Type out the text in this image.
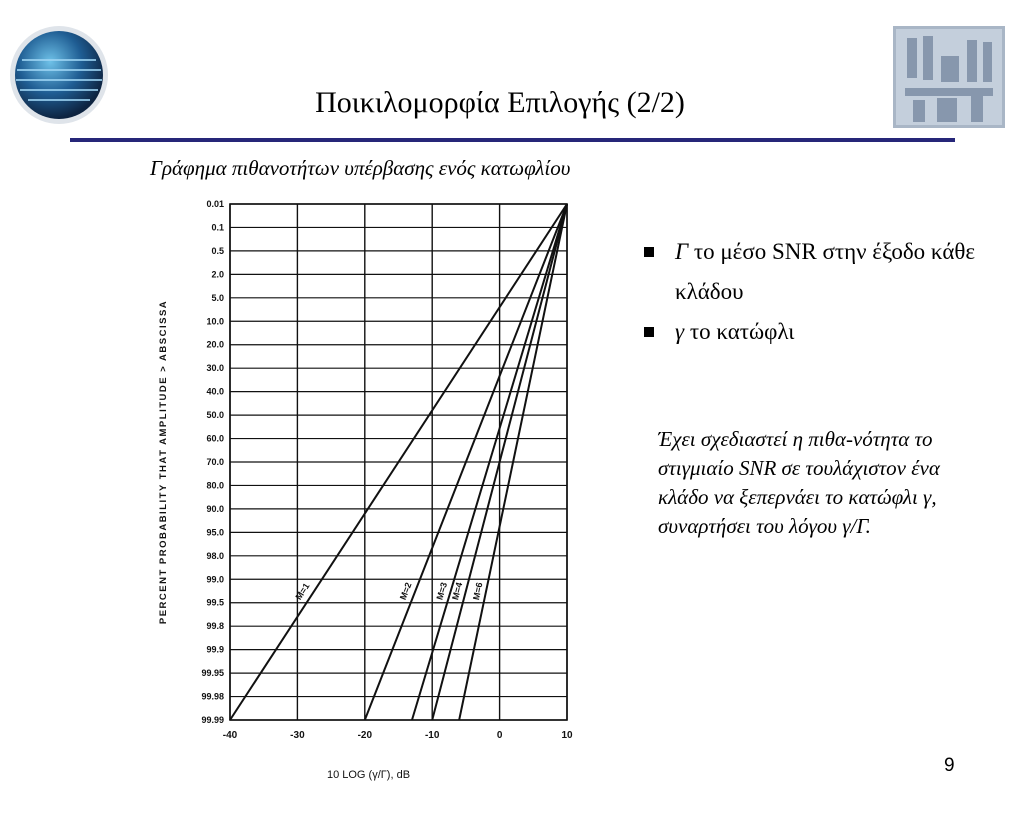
Ποικιλομορφία Επιλογής (2/2)
Γράφημα πιθανοτήτων υπέρβασης ενός κατωφλίου
0.01
0.1
0.5
2.0
5.0
10.0
20.0
30.0
40.0
50.0
60.0
70.0
80.0
90.0
95.0
98.0
99.0
99.5
99.8
99.9
99.95
99.98
99.99
-40	-30	-20	-10	0	10
M=1	M=2 M=3 M=4 M=6
10 LOG (γ/Γ), dB
PERCENT PROBABILITY THAT AMPLITUDE > ABSCISSA
Γ το μέσο SNR στην έξοδο κάθε κλάδου
γ το κατώφλι
Έχει σχεδιαστεί η πιθα-νότητα το στιγμιαίο SNR σε τουλάχιστον ένα κλάδο να ξεπερνάει το κατώφλι γ, συναρτήσει του λόγου γ/Γ.
9
